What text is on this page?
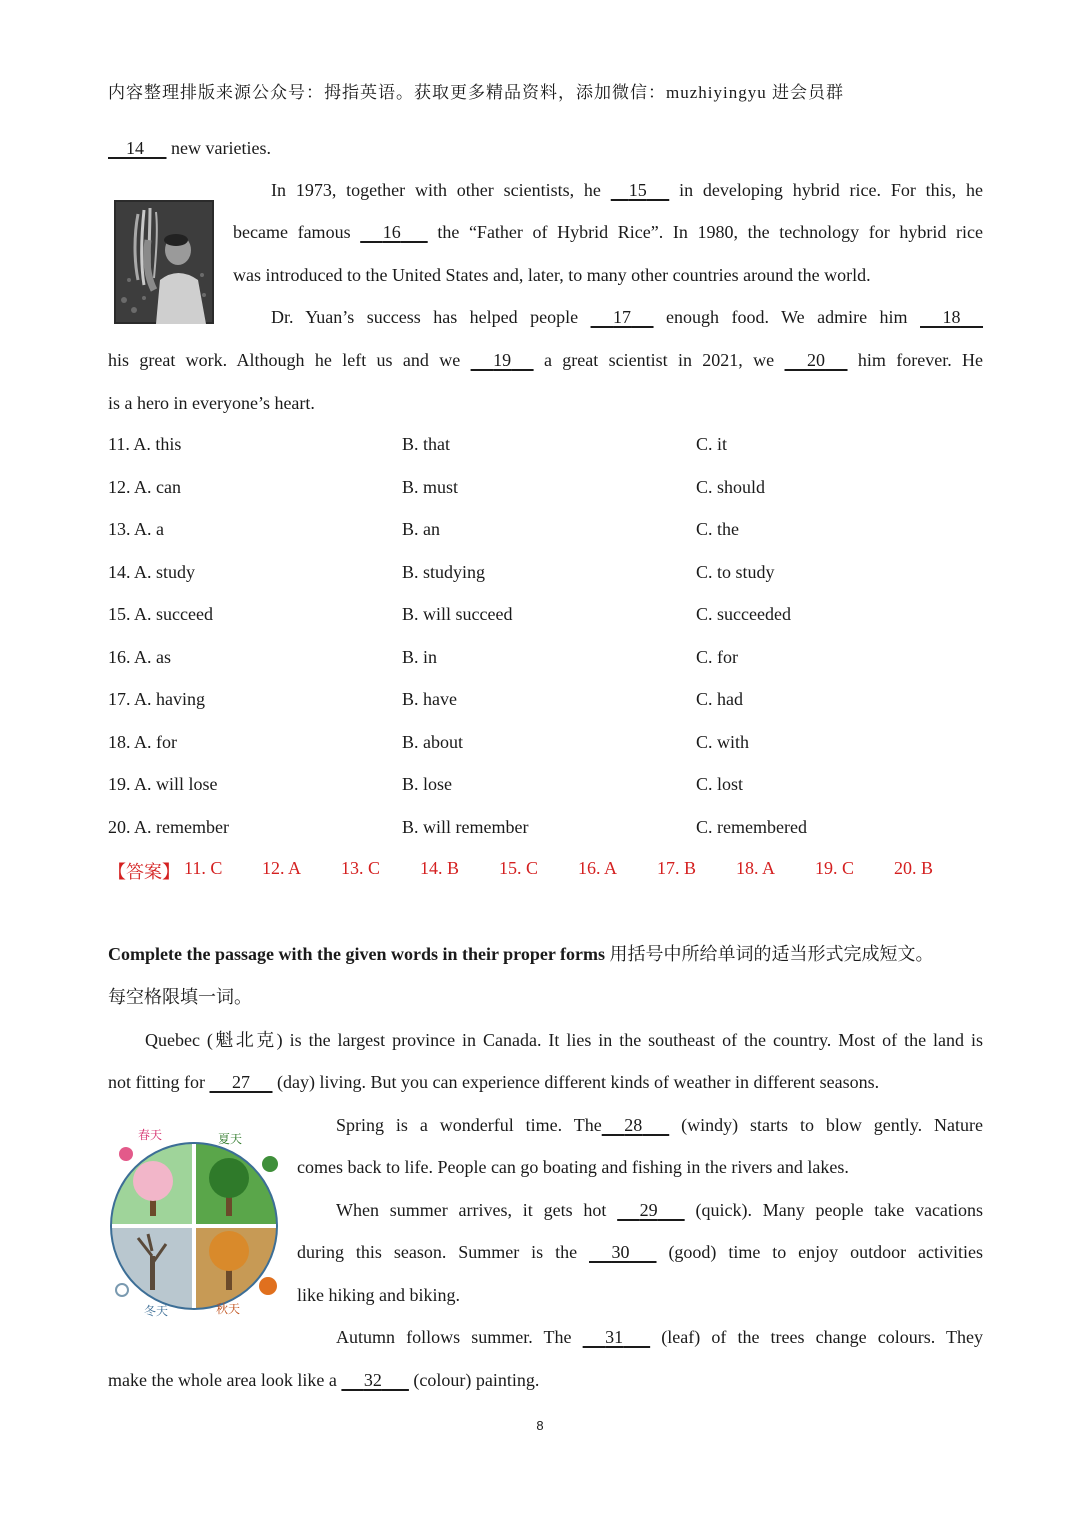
内容整理排版来源公众号：拇指英语。获取更多精品资料，添加微信：muzhiyingyu 进会员群
14 new varieties.
In 1973, together with other scientists, he 15 in developing hybrid rice. For this, he
became famous 16 the “Father of Hybrid Rice”. In 1980, the technology for hybrid rice
was introduced to the United States and, later, to many other countries around the world.
Dr. Yuan’s success has helped people 17 enough food. We admire him 18
his great work. Although he left us and we 19 a great scientist in 2021, we 20 him forever. He
is a hero in everyone’s heart.
11. A. this	B. that	C. it
12. A. can	B. must	C. should
13. A. a	B. an	C. the
14. A. study	B. studying	C. to study
15. A. succeed	B. will succeed	C. succeeded
16. A. as	B. in	C. for
17. A. having	B. have	C. had
18. A. for	B. about	C. with
19. A. will lose	B. lose	C. lost
20. A. remember	B. will remember	C. remembered
【答案】 11. C 12. A 13. C 14. B 15. C 16. A 17. B 18. A 19. C 20. B
Complete the passage with the given words in their proper forms 用括号中所给单词的适当形式完成短文。
每空格限填一词。
Quebec (魁北克) is the largest province in Canada. It lies in the southeast of the country. Most of the land is
not fitting for 27 (day) living. But you can experience different kinds of weather in different seasons.
春天	夏天
冬天	秋天
Spring is a wonderful time. The 28 (windy) starts to blow gently. Nature
comes back to life. People can go boating and fishing in the rivers and lakes.
When summer arrives, it gets hot 29 (quick). Many people take vacations
during this season. Summer is the 30 (good) time to enjoy outdoor activities
like hiking and biking.
Autumn follows summer. The 31 (leaf) of the trees change colours. They
make the whole area look like a 32 (colour) painting.
8
